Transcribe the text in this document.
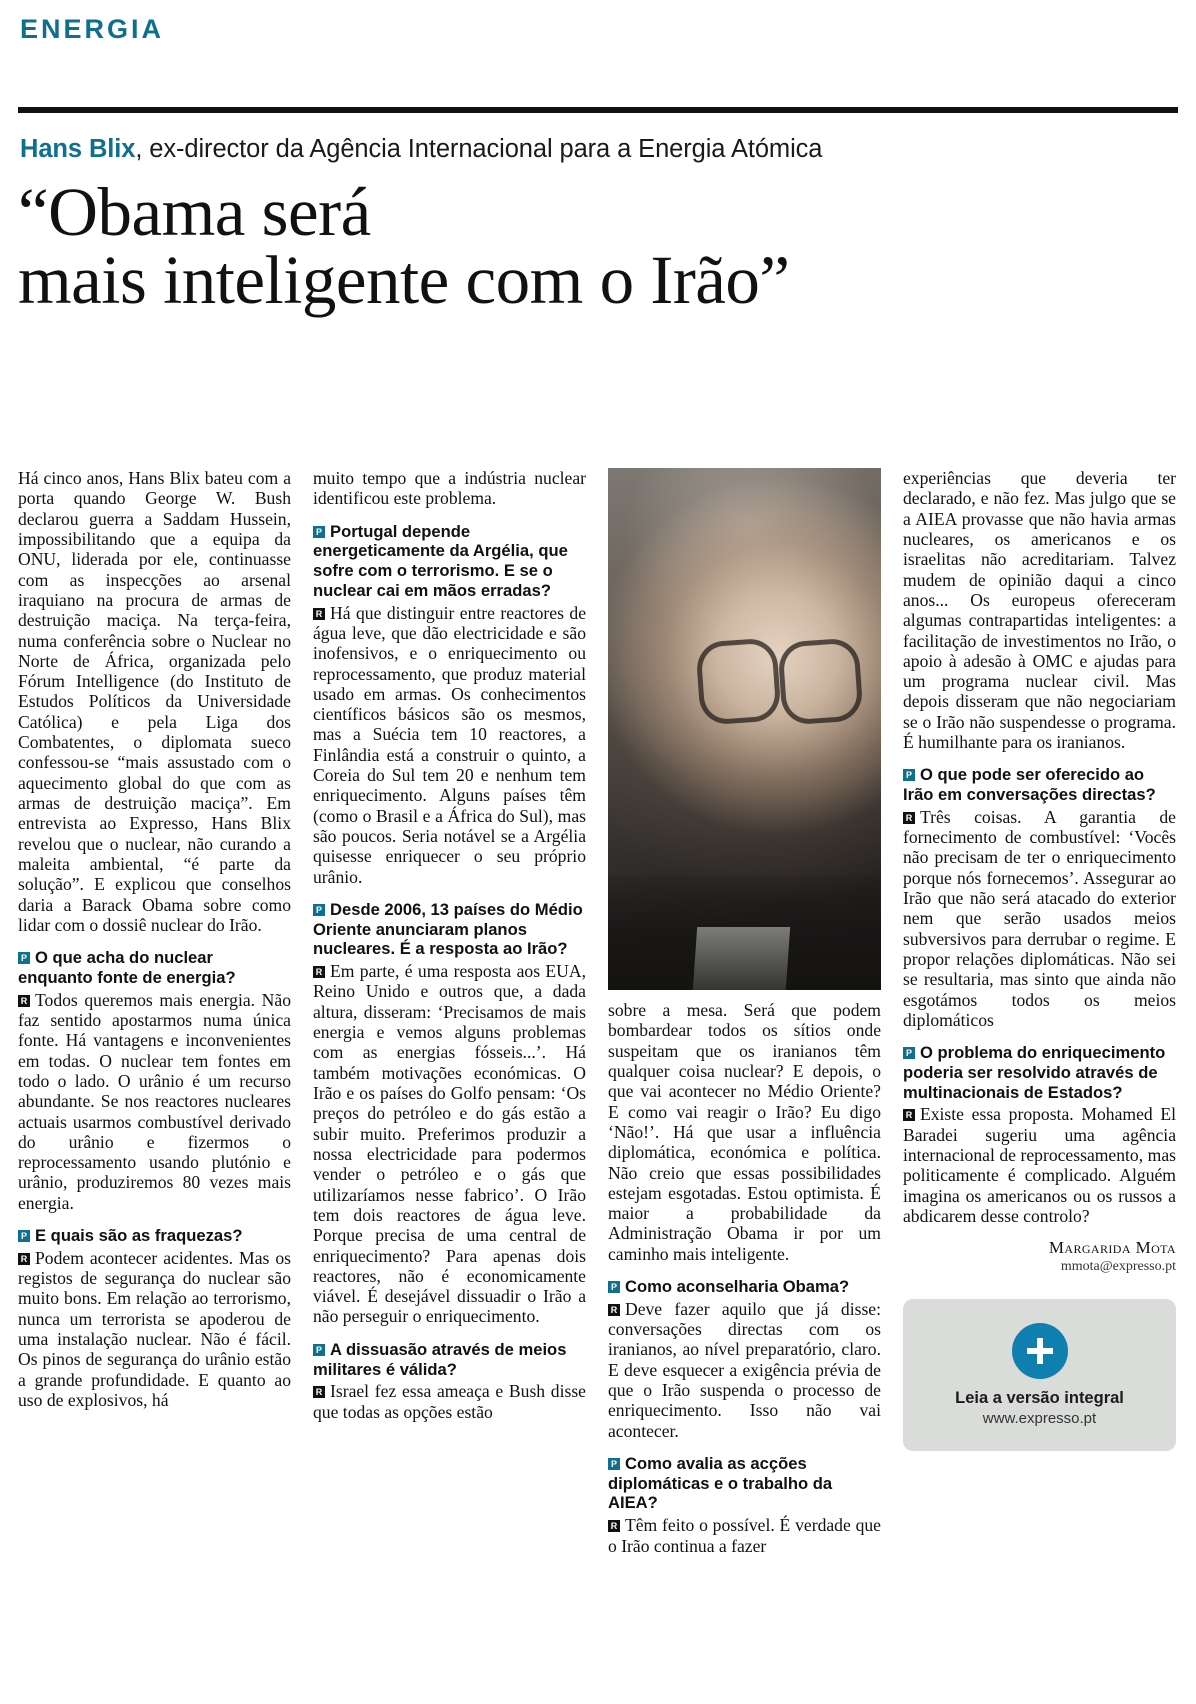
ENERGIA
Hans Blix, ex-director da Agência Internacional para a Energia Atómica
“Obama será
mais inteligente com o Irão”

Há cinco anos, Hans Blix bateu com a porta quando George W. Bush declarou guerra a Saddam Hussein, impossibilitando que a equipa da ONU, liderada por ele, continuasse com as inspecções ao arsenal iraquiano na procura de armas de destruição maciça. Na terça-feira, numa conferência sobre o Nuclear no Norte de África, organizada pelo Fórum Intelligence (do Instituto de Estudos Políticos da Universidade Católica) e pela Liga dos Combatentes, o diplomata sueco confessou-se “mais assustado com o aquecimento global do que com as armas de destruição maciça”. Em entrevista ao Expresso, Hans Blix revelou que o nuclear, não curando a maleita ambiental, “é parte da solução”. E explicou que conselhos daria a Barack Obama sobre como lidar com o dossiê nuclear do Irão.

P O que acha do nuclear enquanto fonte de energia?

R Todos queremos mais energia. Não faz sentido apostarmos numa única fonte. Há vantagens e inconvenientes em todas. O nuclear tem fontes em todo o lado. O urânio é um recurso abundante. Se nos reactores nucleares actuais usarmos combustível derivado do urânio e fizermos o reprocessamento usando plutónio e urânio, produziremos 80 vezes mais energia.

P E quais são as fraquezas?

R Podem acontecer acidentes. Mas os registos de segurança do nuclear são muito bons. Em relação ao terrorismo, nunca um terrorista se apoderou de uma instalação nuclear. Não é fácil. Os pinos de segurança do urânio estão a grande profundidade. E quanto ao uso de explosivos, há

muito tempo que a indústria nuclear identificou este problema.

P Portugal depende energeticamente da Argélia, que sofre com o terrorismo. E se o nuclear cai em mãos erradas?

R Há que distinguir entre reactores de água leve, que dão electricidade e são inofensivos, e o enriquecimento ou reprocessamento, que produz material usado em armas. Os conhecimentos científicos básicos são os mesmos, mas a Suécia tem 10 reactores, a Finlândia está a construir o quinto, a Coreia do Sul tem 20 e nenhum tem enriquecimento. Alguns países têm (como o Brasil e a África do Sul), mas são poucos. Seria notável se a Argélia quisesse enriquecer o seu próprio urânio.

P Desde 2006, 13 países do Médio Oriente anunciaram planos nucleares. É a resposta ao Irão?

R Em parte, é uma resposta aos EUA, Reino Unido e outros que, a dada altura, disseram: ‘Precisamos de mais energia e vemos alguns problemas com as energias fósseis...’. Há também motivações económicas. O Irão e os países do Golfo pensam: ‘Os preços do petróleo e do gás estão a subir muito. Preferimos produzir a nossa electricidade para podermos vender o petróleo e o gás que utilizaríamos nesse fabrico’. O Irão tem dois reactores de água leve. Porque precisa de uma central de enriquecimento? Para apenas dois reactores, não é economicamente viável. É desejável dissuadir o Irão a não perseguir o enriquecimento.

P A dissuasão através de meios militares é válida?

R Israel fez essa ameaça e Bush disse que todas as opções estão

sobre a mesa. Será que podem bombardear todos os sítios onde suspeitam que os iranianos têm qualquer coisa nuclear? E depois, o que vai acontecer no Médio Oriente? E como vai reagir o Irão? Eu digo ‘Não!’. Há que usar a influência diplomática, económica e política. Não creio que essas possibilidades estejam esgotadas. Estou optimista. É maior a probabilidade da Administração Obama ir por um caminho mais inteligente.

P Como aconselharia Obama?

R Deve fazer aquilo que já disse: conversações directas com os iranianos, ao nível preparatório, claro. E deve esquecer a exigência prévia de que o Irão suspenda o processo de enriquecimento. Isso não vai acontecer.

P Como avalia as acções diplomáticas e o trabalho da AIEA?

R Têm feito o possível. É verdade que o Irão continua a fazer

experiências que deveria ter declarado, e não fez. Mas julgo que se a AIEA provasse que não havia armas nucleares, os americanos e os israelitas não acreditariam. Talvez mudem de opinião daqui a cinco anos... Os europeus ofereceram algumas contrapartidas inteligentes: a facilitação de investimentos no Irão, o apoio à adesão à OMC e ajudas para um programa nuclear civil. Mas depois disseram que não negociariam se o Irão não suspendesse o programa. É humilhante para os iranianos.

P O que pode ser oferecido ao Irão em conversações directas?

R Três coisas. A garantia de fornecimento de combustível: ‘Vocês não precisam de ter o enriquecimento porque nós fornecemos’. Assegurar ao Irão que não será atacado do exterior nem que serão usados meios subversivos para derrubar o regime. E propor relações diplomáticas. Não sei se resultaria, mas sinto que ainda não esgotámos todos os meios diplomáticos

P O problema do enriquecimento poderia ser resolvido através de multinacionais de Estados?

R Existe essa proposta. Mohamed El Baradei sugeriu uma agência internacional de reprocessamento, mas politicamente é complicado. Alguém imagina os americanos ou os russos a abdicarem desse controlo?

Margarida Mota
mmota@expresso.pt
Leia a versão integral
www.expresso.pt
